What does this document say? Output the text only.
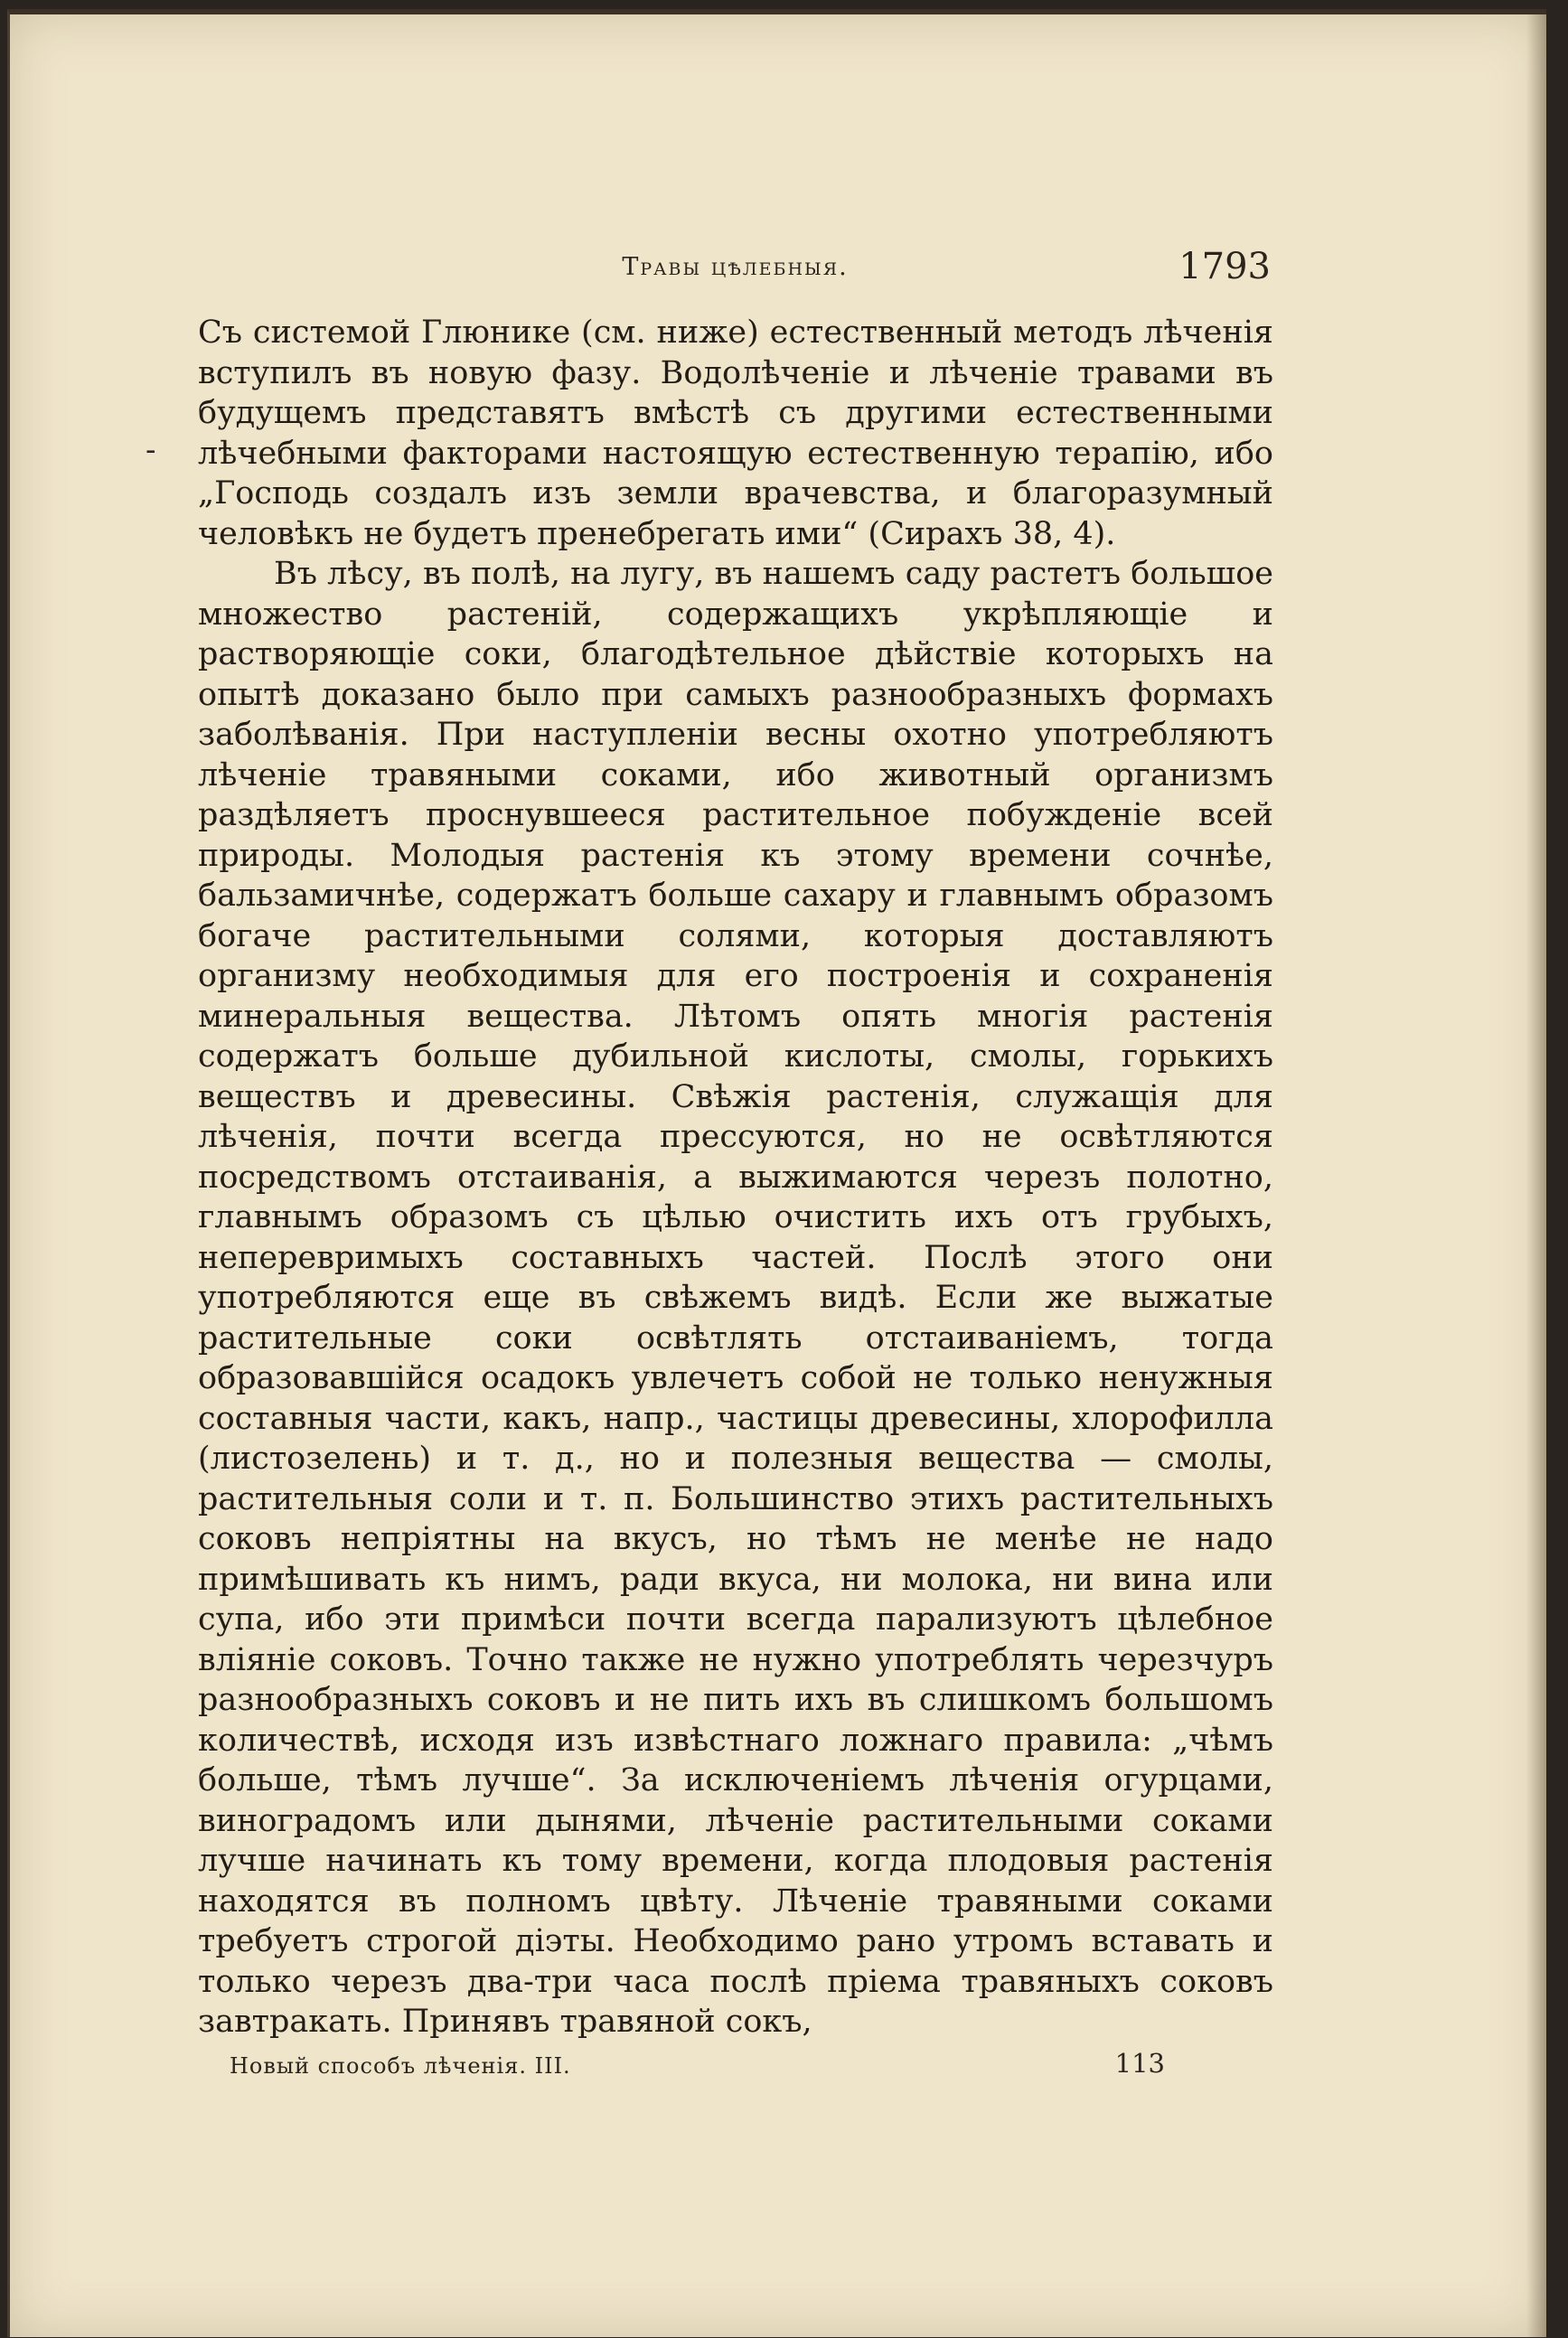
Травы цѣлебныя.	1793
-

Съ системой Глюнике (см. ниже) естественный методъ лѣченія вступилъ въ новую фазу. Водолѣченіе и лѣченіе травами въ будущемъ представятъ вмѣстѣ съ другими естественными лѣчебными факторами настоящую естественную терапію, ибо „Господь создалъ изъ земли врачевства, и благоразумный человѣкъ не будетъ пренебрегать ими“ (Сирахъ 38, 4).

Въ лѣсу, въ полѣ, на лугу, въ нашемъ саду растетъ большое множество растеній, содержащихъ укрѣпляющіе и растворяющіе соки, благодѣтельное дѣйствіе которыхъ на опытѣ доказано было при самыхъ разнообразныхъ формахъ заболѣванія. При наступленіи весны охотно употребляютъ лѣченіе травяными соками, ибо животный организмъ раздѣляетъ проснувшееся растительное побужденіе всей природы. Молодыя растенія къ этому времени сочнѣе, бальзамичнѣе, содержатъ больше сахару и главнымъ образомъ богаче растительными солями, которыя доставляютъ организму необходимыя для его построенія и сохраненія минеральныя вещества. Лѣтомъ опять многія растенія содержатъ больше дубильной кислоты, смолы, горькихъ веществъ и древесины. Свѣжія растенія, служащія для лѣченія, почти всегда прессуются, но не освѣтляются посредствомъ отстаиванія, а выжимаются черезъ полотно, главнымъ образомъ съ цѣлью очистить ихъ отъ грубыхъ, неперевримыхъ составныхъ частей. Послѣ этого они употребляются еще въ свѣжемъ видѣ. Если же выжатые растительные соки освѣтлять отстаиваніемъ, тогда образовавшійся осадокъ увлечетъ собой не только ненужныя составныя части, какъ, напр., частицы древесины, хлорофилла (листозелень) и т. д., но и полезныя вещества — смолы, растительныя соли и т. п. Большинство этихъ растительныхъ соковъ непріятны на вкусъ, но тѣмъ не менѣе не надо примѣшивать къ нимъ, ради вкуса, ни молока, ни вина или супа, ибо эти примѣси почти всегда парализуютъ цѣлебное вліяніе соковъ. Точно также не нужно употреблять черезчуръ разнообразныхъ соковъ и не пить ихъ въ слишкомъ большомъ количествѣ, исходя изъ извѣстнаго ложнаго правила: „чѣмъ больше, тѣмъ лучше“. За исключеніемъ лѣченія огурцами, виноградомъ или дынями, лѣченіе растительными соками лучше начинать къ тому времени, когда плодовыя растенія находятся въ полномъ цвѣту. Лѣченіе травяными соками требуетъ строгой діэты. Необходимо рано утромъ вставать и только черезъ два-три часа послѣ пріема травяныхъ соковъ завтракать. Принявъ травяной сокъ,

Новый способъ лѣченія. III.	113
